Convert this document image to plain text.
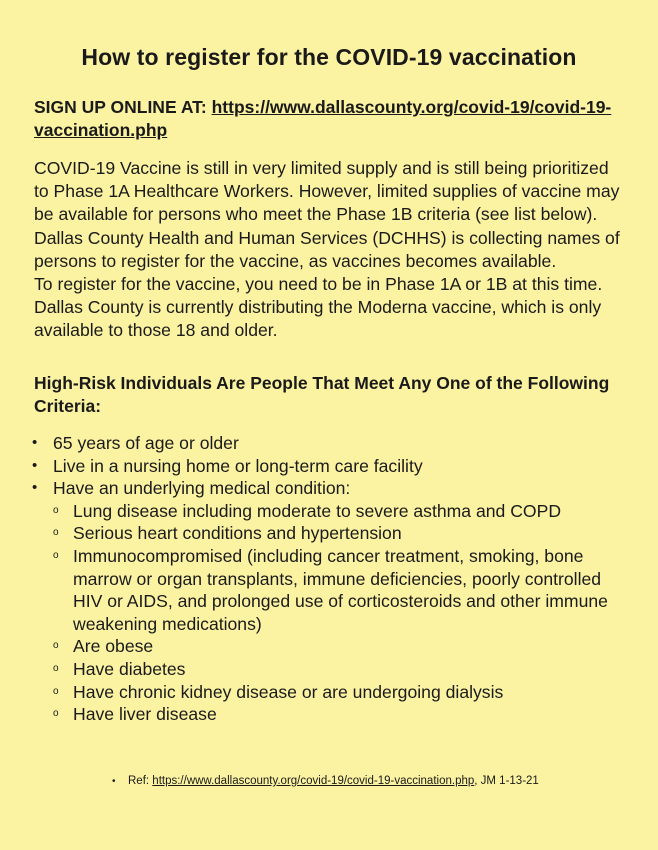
How to register for the COVID-19 vaccination
SIGN UP ONLINE AT: https://www.dallascounty.org/covid-19/covid-19-vaccination.php

COVID-19 Vaccine is still in very limited supply and is still being prioritized to Phase 1A Healthcare Workers. However, limited supplies of vaccine may be available for persons who meet the Phase 1B criteria (see list below). Dallas County Health and Human Services (DCHHS) is collecting names of persons to register for the vaccine, as vaccines becomes available.

To register for the vaccine, you need to be in Phase 1A or 1B at this time. Dallas County is currently distributing the Moderna vaccine, which is only available to those 18 and older.

High-Risk Individuals Are People That Meet Any One of the Following Criteria:
• 65 years of age or older
• Live in a nursing home or long-term care facility
• Have an underlying medical condition:
o Lung disease including moderate to severe asthma and COPD
o Serious heart conditions and hypertension
o Immunocompromised (including cancer treatment, smoking, bone marrow or organ transplants, immune deficiencies, poorly controlled HIV or AIDS, and prolonged use of corticosteroids and other immune weakening medications)
o Are obese
o Have diabetes
o Have chronic kidney disease or are undergoing dialysis
o Have liver disease
• Ref: https://www.dallascounty.org/covid-19/covid-19-vaccination.php, JM 1-13-21
